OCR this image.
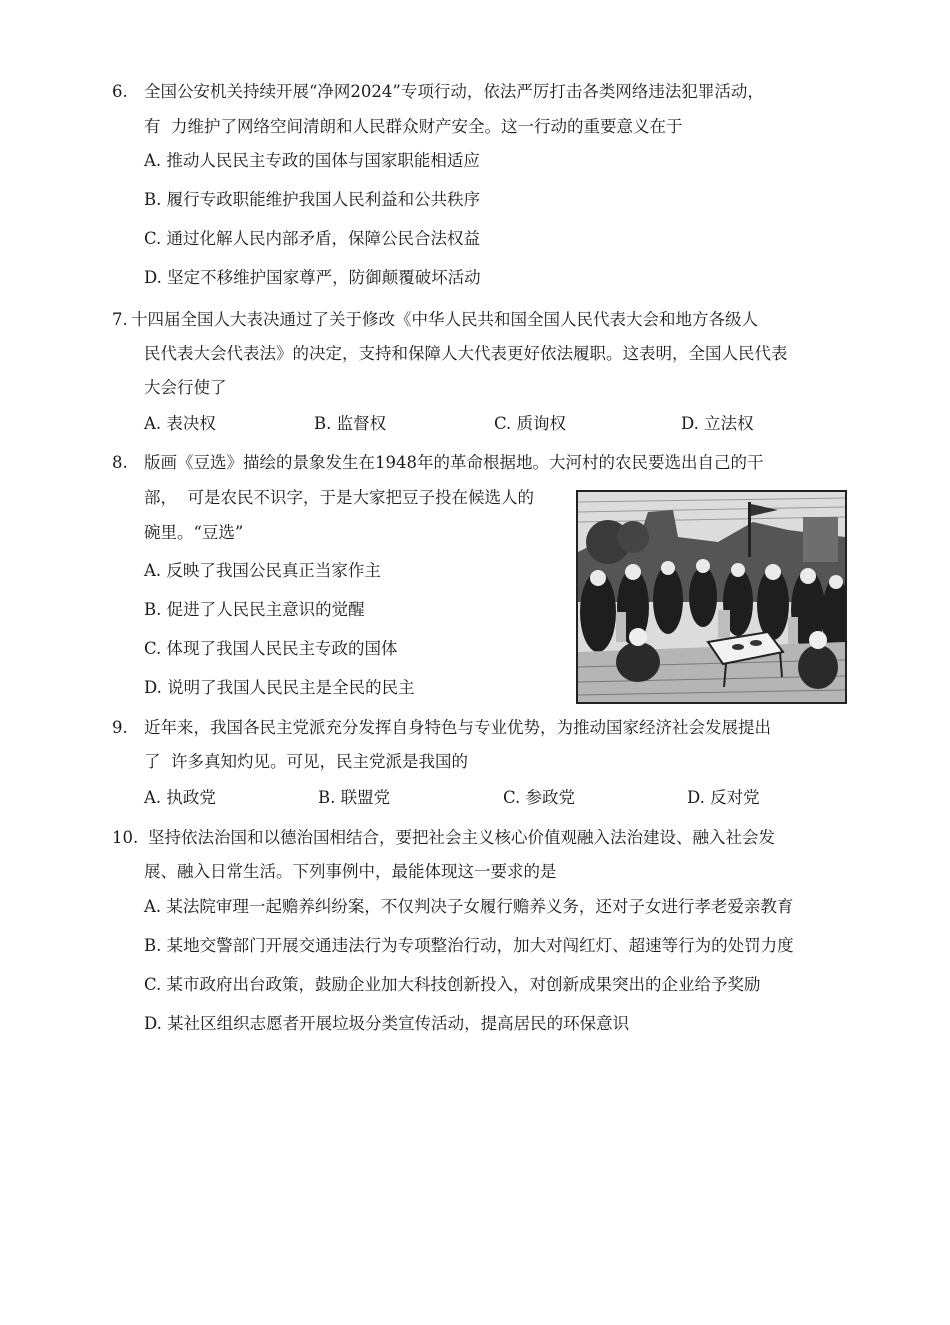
6. 全国公安机关持续开展“净网2024”专项行动，依法严厉打击各类网络违法犯罪活动，
有  力维护了网络空间清朗和人民群众财产安全。这一行动的重要意义在于
A. 推动人民民主专政的国体与国家职能相适应
B. 履行专政职能维护我国人民利益和公共秩序
C. 通过化解人民内部矛盾，保障公民合法权益
D. 坚定不移维护国家尊严，防御颠覆破坏活动
7. 十四届全国人大表决通过了关于修改《中华人民共和国全国人民代表大会和地方各级人
民代表大会代表法》的决定，支持和保障人大代表更好依法履职。这表明，全国人民代表
大会行使了
A. 表决权	B. 监督权	C. 质询权	D. 立法权
8. 版画《豆选》描绘的景象发生在1948年的革命根据地。大河村的农民要选出自己的干
部，  可是农民不识字，于是大家把豆子投在候选人的
碗里。“豆选”
A. 反映了我国公民真正当家作主
B. 促进了人民民主意识的觉醒
C. 体现了我国人民民主专政的国体
D. 说明了我国人民民主是全民的民主
9. 近年来，我国各民主党派充分发挥自身特色与专业优势，为推动国家经济社会发展提出
了  许多真知灼见。可见，民主党派是我国的
A. 执政党	B. 联盟党	C. 参政党	D. 反对党
10. 坚持依法治国和以德治国相结合，要把社会主义核心价值观融入法治建设、融入社会发
展、融入日常生活。下列事例中，最能体现这一要求的是
A. 某法院审理一起赡养纠纷案，不仅判决子女履行赡养义务，还对子女进行孝老爱亲教育
B. 某地交警部门开展交通违法行为专项整治行动，加大对闯红灯、超速等行为的处罚力度
C. 某市政府出台政策，鼓励企业加大科技创新投入，对创新成果突出的企业给予奖励
D. 某社区组织志愿者开展垃圾分类宣传活动，提高居民的环保意识
